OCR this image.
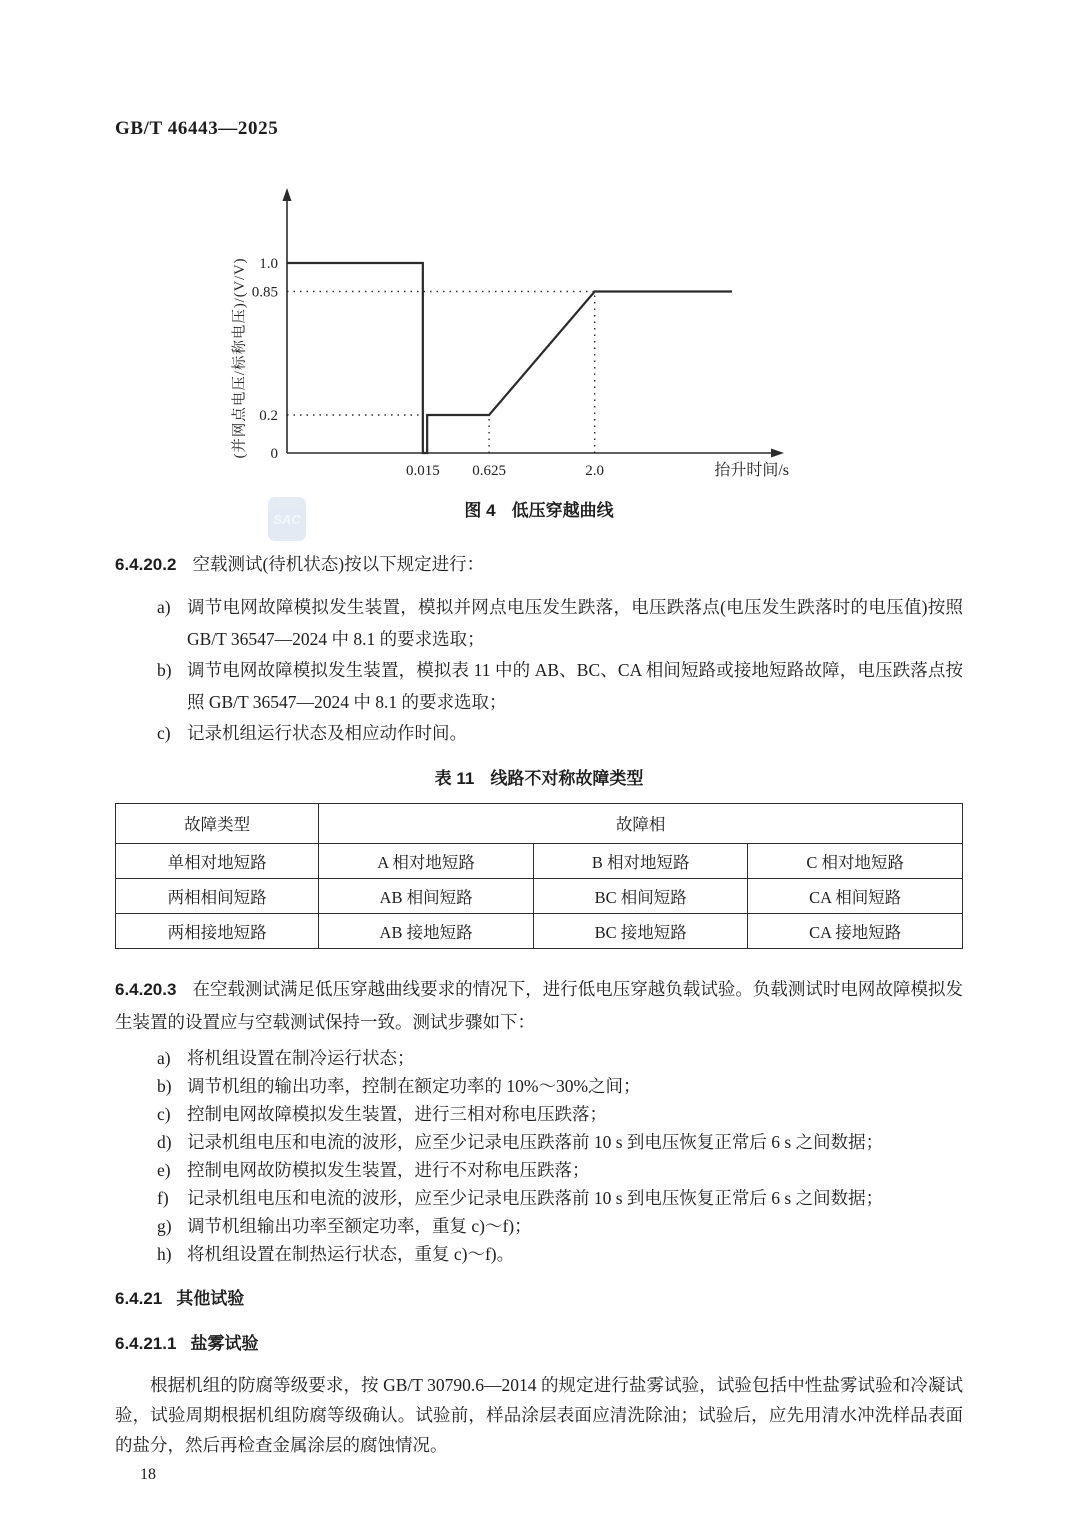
SAC
GB/T 46443—2025
1.0
0.85
0.2
0
0.015 0.625	2.0	抬升时间/s
(并网点电压/标称电压)/(V/V)
图 4 低压穿越曲线
6.4.20.2 空载测试(待机状态)按以下规定进行：
a) 调节电网故障模拟发生装置，模拟并网点电压发生跌落，电压跌落点(电压发生跌落时的电压值)按照 GB/T 36547—2024 中 8.1 的要求选取；
b) 调节电网故障模拟发生装置，模拟表 11 中的 AB、BC、CA 相间短路或接地短路故障，电压跌落点按照 GB/T 36547—2024 中 8.1 的要求选取；
c) 记录机组运行状态及相应动作时间。
表 11 线路不对称故障类型
故障类型	故障相		
单相对地短路	A 相对地短路	B 相对地短路	C 相对地短路
两相相间短路	AB 相间短路	BC 相间短路	CA 相间短路
两相接地短路	AB 接地短路	BC 接地短路	CA 接地短路
6.4.20.3 在空载测试满足低压穿越曲线要求的情况下，进行低电压穿越负载试验。负载测试时电网故障模拟发生装置的设置应与空载测试保持一致。测试步骤如下：
a) 将机组设置在制冷运行状态；
b) 调节机组的输出功率，控制在额定功率的 10%～30%之间；
c) 控制电网故障模拟发生装置，进行三相对称电压跌落；
d) 记录机组电压和电流的波形，应至少记录电压跌落前 10 s 到电压恢复正常后 6 s 之间数据；
e) 控制电网故防模拟发生装置，进行不对称电压跌落；
f)	记录机组电压和电流的波形，应至少记录电压跌落前 10 s 到电压恢复正常后 6 s 之间数据；
g) 调节机组输出功率至额定功率，重复 c)～f)；
h) 将机组设置在制热运行状态，重复 c)～f)。
6.4.21 其他试验
6.4.21.1 盐雾试验
根据机组的防腐等级要求，按 GB/T 30790.6—2014 的规定进行盐雾试验，试验包括中性盐雾试验和冷凝试验，试验周期根据机组防腐等级确认。试验前，样品涂层表面应清洗除油；试验后，应先用清水冲洗样品表面的盐分，然后再检查金属涂层的腐蚀情况。
18
